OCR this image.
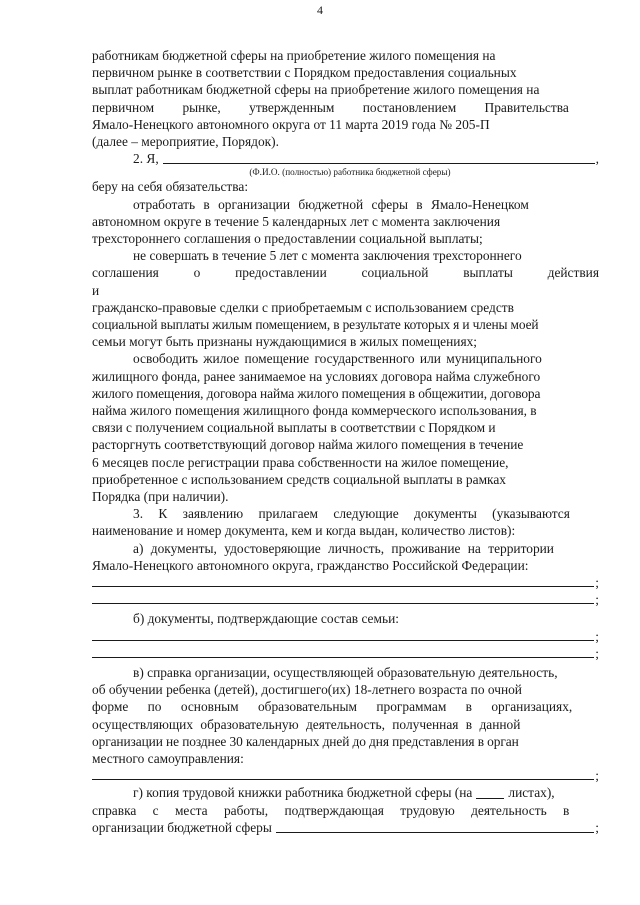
4
работникам бюджетной сферы на приобретение жилого помещения на
первичном рынке в соответствии с Порядком предоставления социальных
выплат работникам бюджетной сферы на приобретение жилого помещения на
первичном рынке, утвержденным постановлением Правительства
Ямало-Ненецкого автономного округа от 11 марта 2019 года № 205-П
(далее – мероприятие, Порядок).
2. Я,	,
(Ф.И.О. (полностью) работника бюджетной сферы)
беру на себя обязательства:
отработать в организации бюджетной сферы в Ямало-Ненецком
автономном округе в течение 5 календарных лет с момента заключения
трехстороннего соглашения о предоставлении социальной выплаты;
не совершать в течение 5 лет с момента заключения трехстороннего
соглашения о предоставлении социальной выплаты действия и
гражданско-правовые сделки с приобретаемым с использованием средств
социальной выплаты жилым помещением, в результате которых я и члены моей
семьи могут быть признаны нуждающимися в жилых помещениях;
освободить жилое помещение государственного или муниципального
жилищного фонда, ранее занимаемое на условиях договора найма служебного
жилого помещения, договора найма жилого помещения в общежитии, договора
найма жилого помещения жилищного фонда коммерческого использования, в
связи с получением социальной выплаты в соответствии с Порядком и
расторгнуть соответствующий договор найма жилого помещения в течение
6 месяцев после регистрации права собственности на жилое помещение,
приобретенное с использованием средств социальной выплаты в рамках
Порядка (при наличии).
3. К заявлению прилагаем следующие документы (указываются
наименование и номер документа, кем и когда выдан, количество листов):
а) документы, удостоверяющие личность, проживание на территории
Ямало-Ненецкого автономного округа, гражданство Российской Федерации:
;
;
б) документы, подтверждающие состав семьи:
;
;
в) справка организации, осуществляющей образовательную деятельность,
об обучении ребенка (детей), достигшего(их) 18-летнего возраста по очной
форме по основным образовательным программам в организациях,
осуществляющих образовательную деятельность, полученная в данной
организации не позднее 30 календарных дней до дня представления в орган
местного самоуправления:
;
г) копия трудовой книжки работника бюджетной сферы (на	листах),
справка с места работы, подтверждающая трудовую деятельность в
организации бюджетной сферы	;
